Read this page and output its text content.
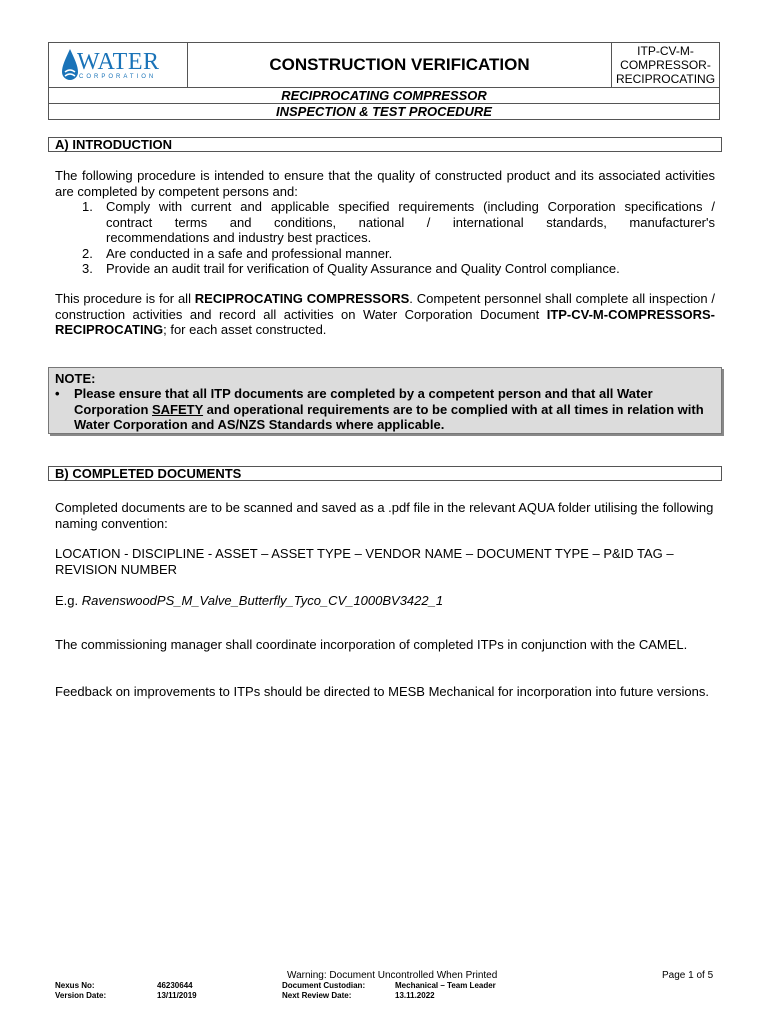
WATER
CORPORATION
CONSTRUCTION VERIFICATION
ITP-CV-M-
COMPRESSOR-
RECIPROCATING
RECIPROCATING COMPRESSOR
INSPECTION & TEST PROCEDURE
A) INTRODUCTION
The following procedure is intended to ensure that the quality of constructed product and its associated activities are completed by competent persons and:
1. Comply with current and applicable specified requirements (including Corporation specifications /
contract terms and conditions, national / international standards, manufacturer's
recommendations and industry best practices.
2. Are conducted in a safe and professional manner.
3. Provide an audit trail for verification of Quality Assurance and Quality Control compliance.
This procedure is for all RECIPROCATING COMPRESSORS. Competent personnel shall complete all inspection / construction activities and record all activities on Water Corporation Document ITP-CV-M-COMPRESSORS-RECIPROCATING; for each asset constructed.
NOTE:
• Please ensure that all ITP documents are completed by a competent person and that all Water Corporation SAFETY and operational requirements are to be complied with at all times in relation with Water Corporation and AS/NZS Standards where applicable.
B) COMPLETED DOCUMENTS
Completed documents are to be scanned and saved as a .pdf file in the relevant AQUA folder utilising the following naming convention:
LOCATION - DISCIPLINE - ASSET – ASSET TYPE – VENDOR NAME – DOCUMENT TYPE – P&ID TAG – REVISION NUMBER
E.g. RavenswoodPS_M_Valve_Butterfly_Tyco_CV_1000BV3422_1
The commissioning manager shall coordinate incorporation of completed ITPs in conjunction with the CAMEL.
Feedback on improvements to ITPs should be directed to MESB Mechanical for incorporation into future versions.
Warning: Document Uncontrolled When Printed	Page 1 of 5
Nexus No:	46230644
Version Date:	13/11/2019
Document Custodian:	Mechanical – Team Leader
Next Review Date:	13.11.2022
